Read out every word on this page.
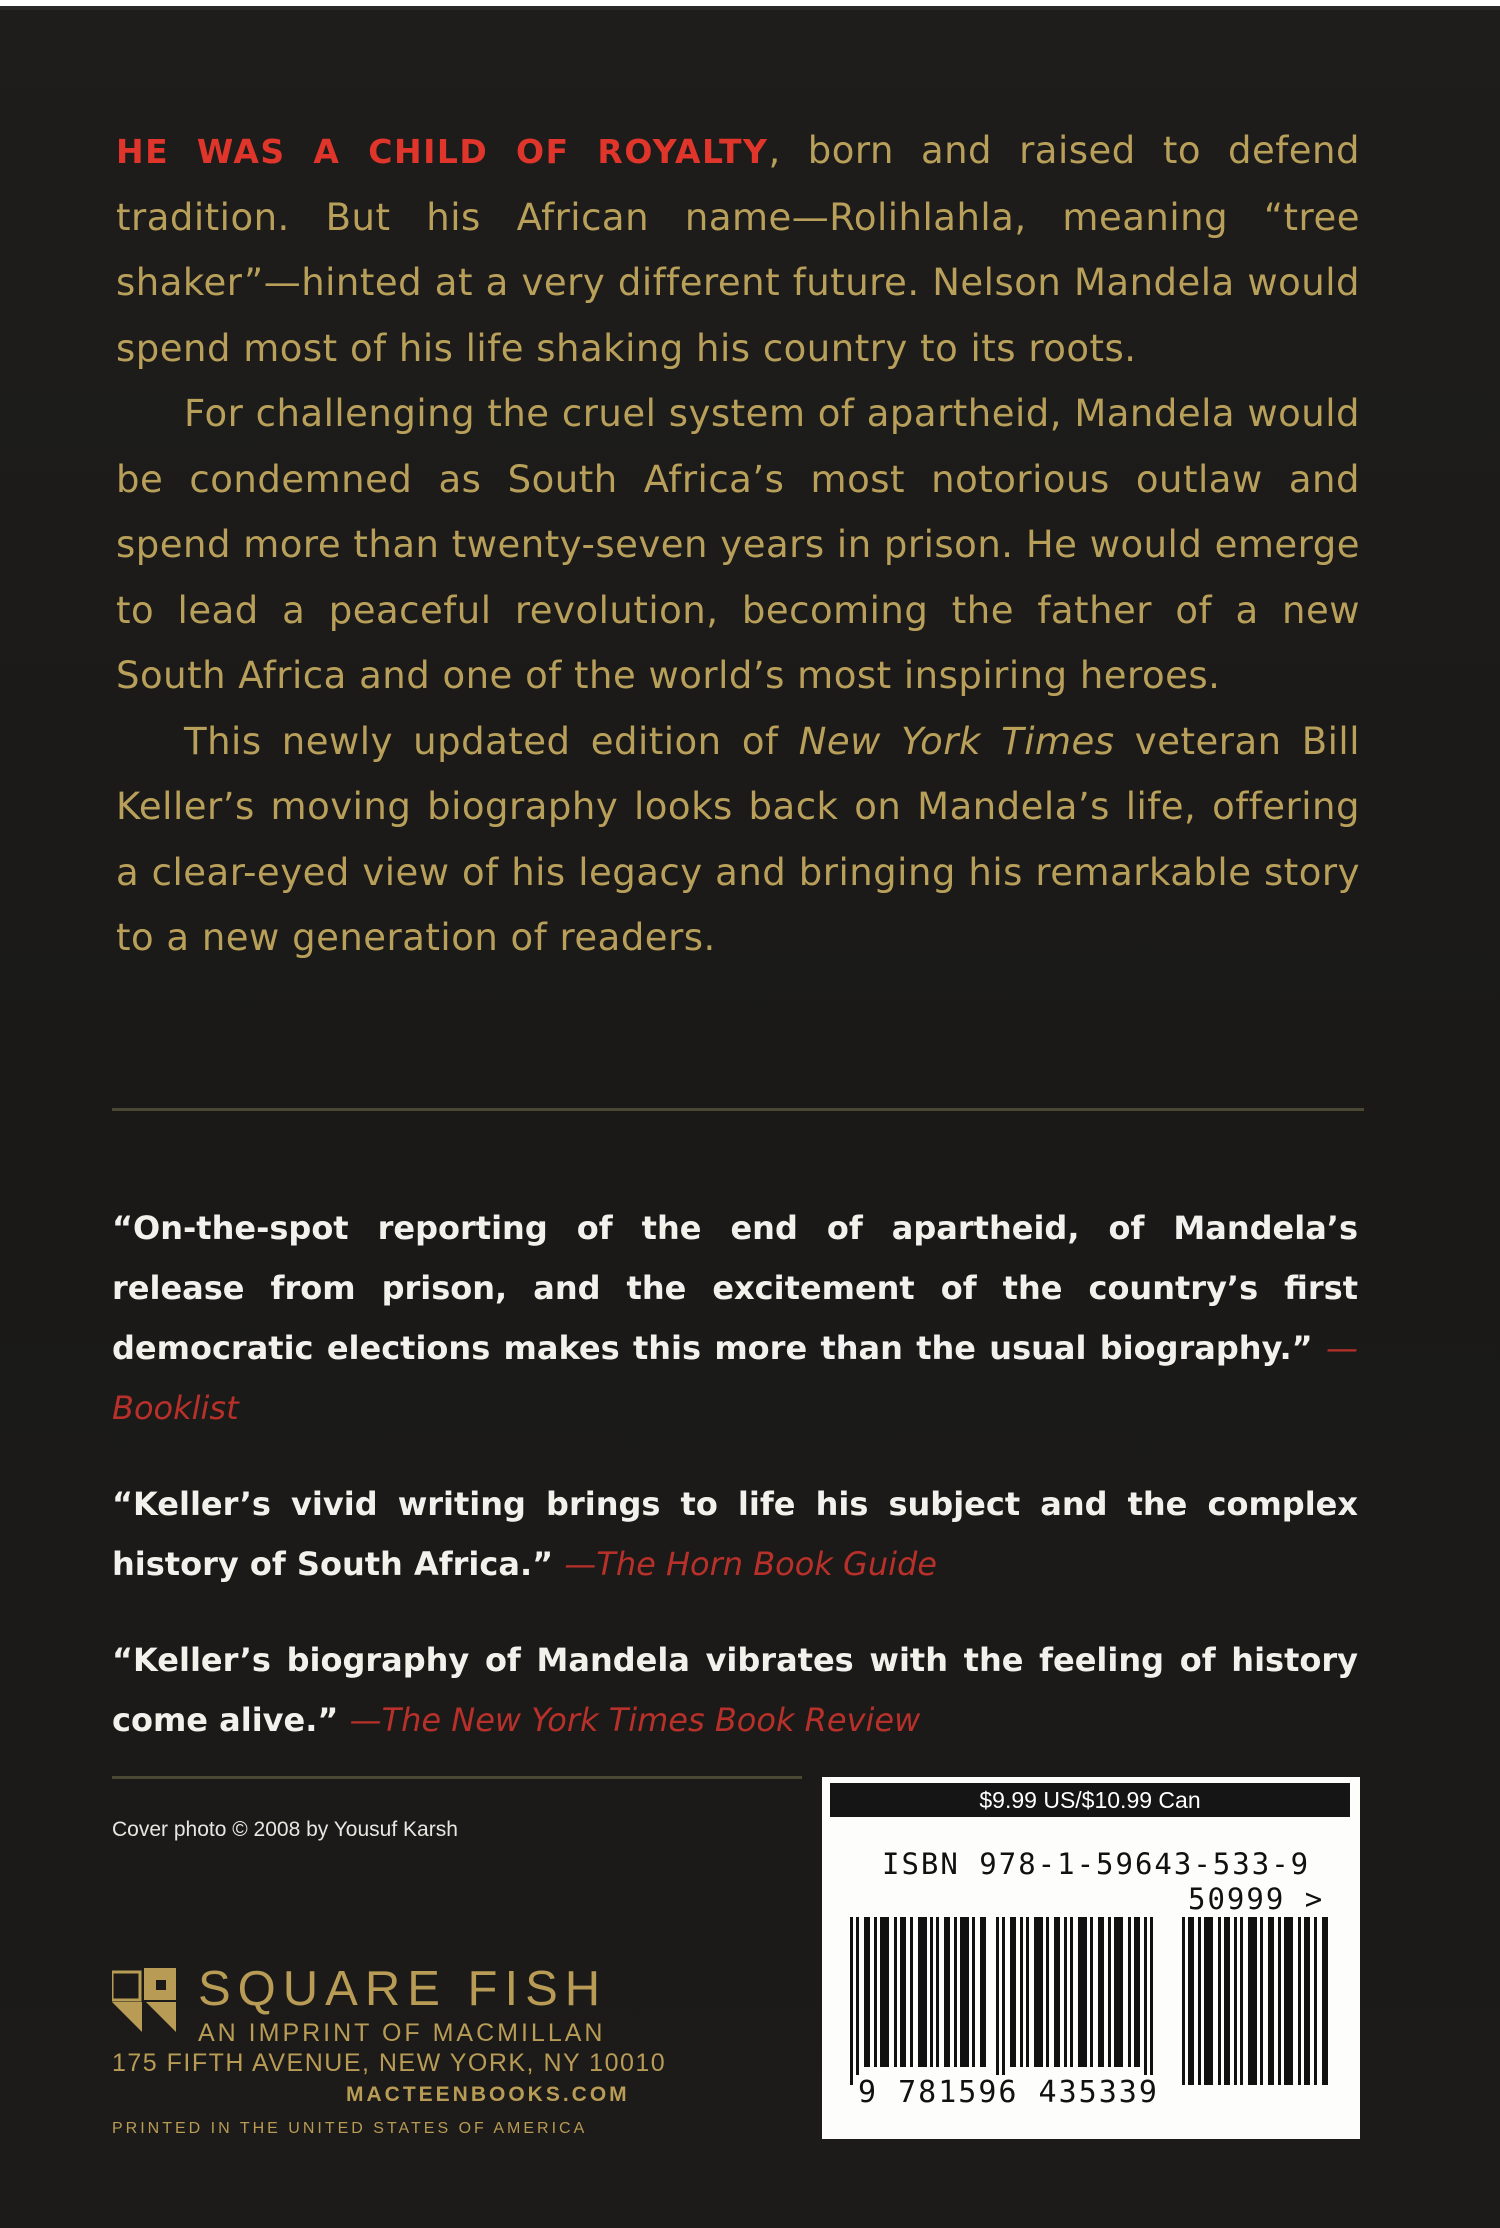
HE WAS A CHILD OF ROYALTY, born and raised to defend tradition. But his African name—Rolihlahla, meaning “tree shaker”—hinted at a very different future. Nelson Mandela would spend most of his life shaking his country to its roots.

For challenging the cruel system of apartheid, Mandela would be condemned as South Africa’s most notorious outlaw and spend more than twenty-seven years in prison. He would emerge to lead a peaceful revolution, becoming the father of a new South Africa and one of the world’s most inspiring heroes.

This newly updated edition of New York Times veteran Bill Keller’s moving biography looks back on Mandela’s life, offering a clear-eyed view of his legacy and bringing his remarkable story to a new generation of readers.

“On-the-spot reporting of the end of apartheid, of Mandela’s release from prison, and the excitement of the country’s first democratic elections makes this more than the usual biography.” —Booklist

“Keller’s vivid writing brings to life his subject and the complex history of South Africa.” —The Horn Book Guide

“Keller’s biography of Mandela vibrates with the feeling of history come alive.” —The New York Times Book Review

Cover photo © 2008 by Yousuf Karsh
SQUARE FISH
AN IMPRINT OF MACMILLAN
175 FIFTH AVENUE, NEW YORK, NY 10010
MACTEENBOOKS.COM
PRINTED IN THE UNITED STATES OF AMERICA
$9.99 US/$10.99 Can
ISBN 978-1-59643-533-9
50999 >
9 781596 435339
